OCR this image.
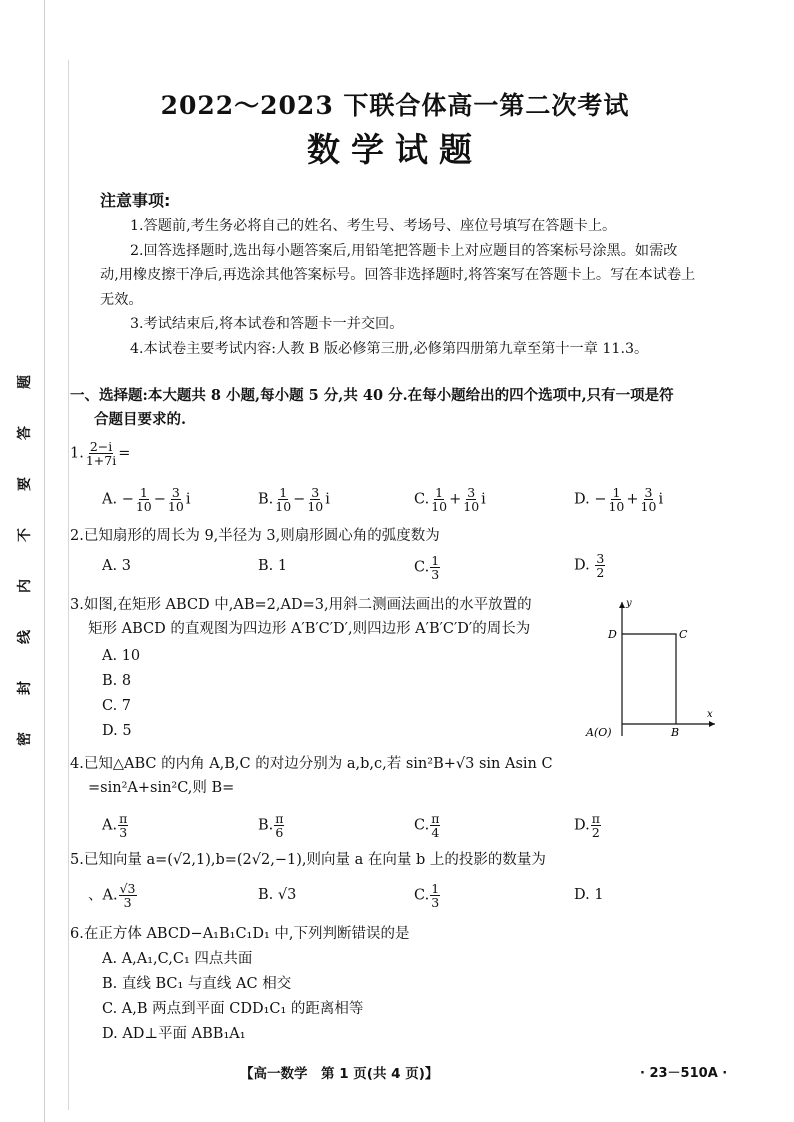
题
答
要
不
内
线
封
密
2022～2023 下联合体高一第二次考试
数学试题
注意事项:

1.答题前,考生务必将自己的姓名、考生号、考场号、座位号填写在答题卡上。

2.回答选择题时,选出每小题答案后,用铅笔把答题卡上对应题目的答案标号涂黑。如需改动,用橡皮擦干净后,再选涂其他答案标号。回答非选择题时,将答案写在答题卡上。写在本试卷上无效。

3.考试结束后,将本试卷和答题卡一并交回。

4.本试卷主要考试内容:人教 B 版必修第三册,必修第四册第九章至第十一章 11.3。

一、选择题:本大题共 8 小题,每小题 5 分,共 40 分.在每小题给出的四个选项中,只有一项是符
合题目要求的.
1. $\frac{2-i}{1+7i}$ =
A. − $\frac{1}{10} - \frac{3}{10}$ i	B. $\frac{1}{10} - \frac{3}{10}$ i	C. $\frac{1}{10} + \frac{3}{10}$ i	D. − $\frac{1}{10} + \frac{3}{10}$ i
2.已知扇形的周长为 9,半径为 3,则扇形圆心角的弧度数为
A. 3	B. 1	C. $\frac{1}{3}$	D. $\frac{3}{2}$
3.如图,在矩形 ABCD 中,AB=2,AD=3,用斜二测画法画出的水平放置的
矩形 ABCD 的直观图为四边形 A′B′C′D′,则四边形 A′B′C′D′的周长为
A. 10
B. 8
C. 7
D. 5
y
x
D	C
A(O)	B
4.已知△ABC 的内角 A,B,C 的对边分别为 a,b,c,若 sin²B+√3 sin Asin C
=sin²A+sin²C,则 B=
A. $\frac{\pi}{3}$	B. $\frac{\pi}{6}$	C. $\frac{\pi}{4}$	D. $\frac{\pi}{2}$
5.已知向量 a=(√2,1),b=(2√2,−1),则向量 a 在向量 b 上的投影的数量为
、A. $\frac{√3}{3}$	B. √3	C. $\frac{1}{3}$	D. 1
6.在正方体 ABCD−A₁B₁C₁D₁ 中,下列判断错误的是
A. A,A₁,C,C₁ 四点共面
B. 直线 BC₁ 与直线 AC 相交
C. A,B 两点到平面 CDD₁C₁ 的距离相等
D. AD⊥平面 ABB₁A₁
【高一数学　第 1 页(共 4 页)】	· 23－510A ·
